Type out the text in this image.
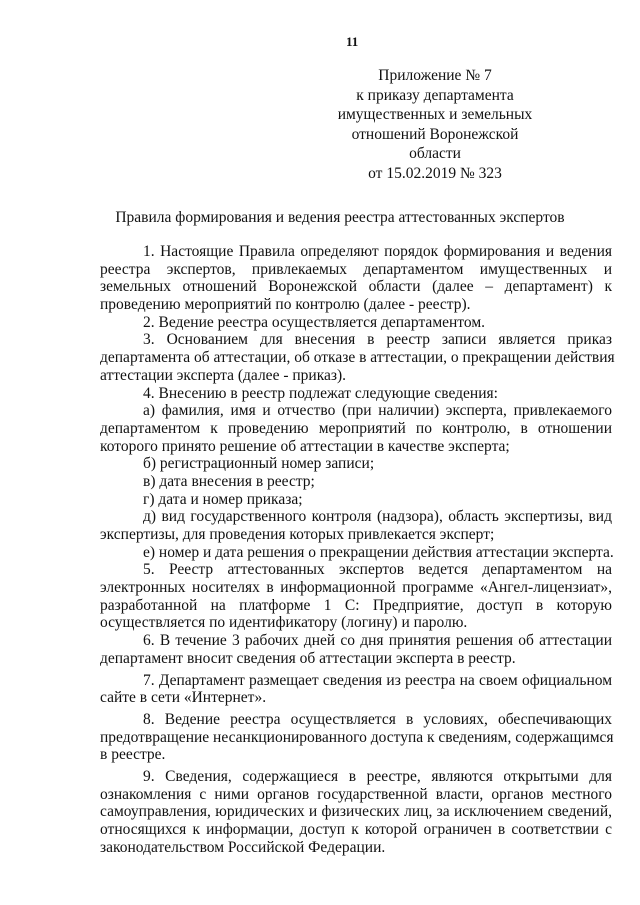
11
Приложение № 7
к приказу департамента
имущественных и земельных
отношений Воронежской
области
от 15.02.2019 № 323
Правила формирования и ведения реестра аттестованных экспертов
1. Настоящие Правила определяют порядок формирования и ведения
реестра экспертов, привлекаемых департаментом имущественных и
земельных отношений Воронежской области (далее – департамент) к
проведению мероприятий по контролю (далее - реестр).
2. Ведение реестра осуществляется департаментом.
3. Основанием для внесения в реестр записи является приказ
департамента об аттестации, об отказе в аттестации, о прекращении действия
аттестации эксперта (далее - приказ).
4. Внесению в реестр подлежат следующие сведения:
а) фамилия, имя и отчество (при наличии) эксперта, привлекаемого
департаментом к проведению мероприятий по контролю, в отношении
которого принято решение об аттестации в качестве эксперта;
б) регистрационный номер записи;
в) дата внесения в реестр;
г) дата и номер приказа;
д) вид государственного контроля (надзора), область экспертизы, вид
экспертизы, для проведения которых привлекается эксперт;
е) номер и дата решения о прекращении действия аттестации эксперта.
5. Реестр аттестованных экспертов ведется департаментом на
электронных носителях в информационной программе «Ангел-лицензиат»,
разработанной на платформе 1 С: Предприятие, доступ в которую
осуществляется по идентификатору (логину) и паролю.
6. В течение 3 рабочих дней со дня принятия решения об аттестации
департамент вносит сведения об аттестации эксперта в реестр.
7. Департамент размещает сведения из реестра на своем официальном
сайте в сети «Интернет».
8. Ведение реестра осуществляется в условиях, обеспечивающих
предотвращение несанкционированного доступа к сведениям, содержащимся
в реестре.
9. Сведения, содержащиеся в реестре, являются открытыми для
ознакомления с ними органов государственной власти, органов местного
самоуправления, юридических и физических лиц, за исключением сведений,
относящихся к информации, доступ к которой ограничен в соответствии с
законодательством Российской Федерации.
